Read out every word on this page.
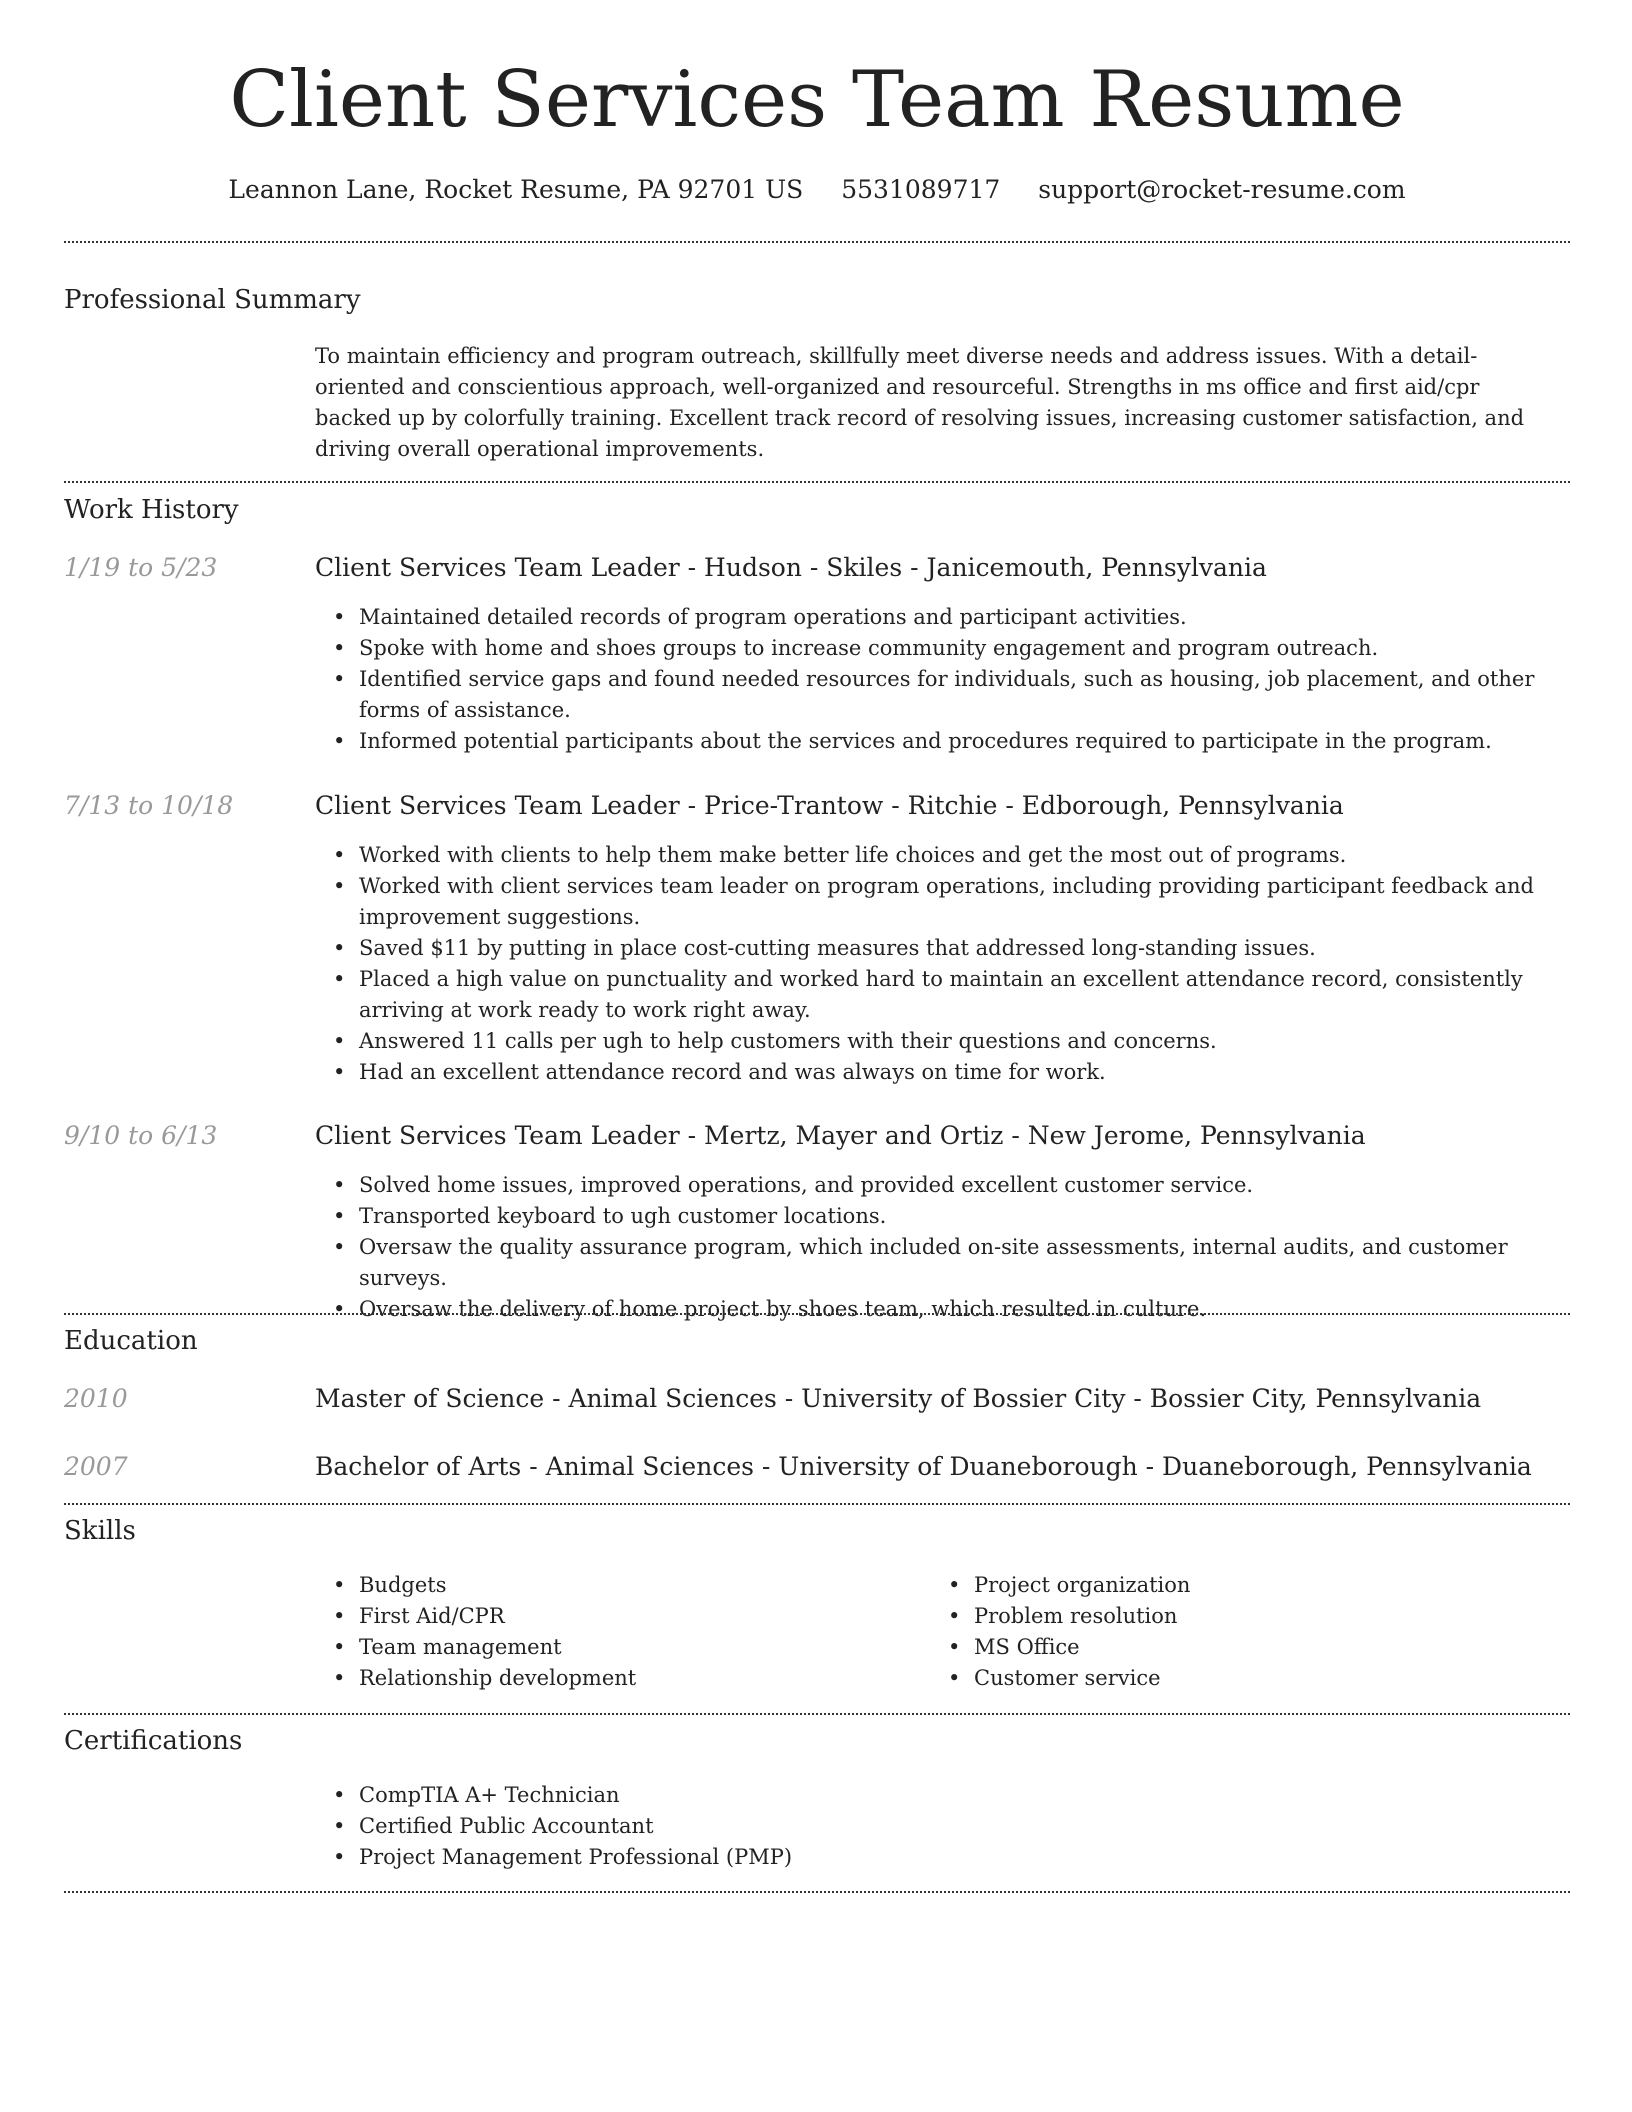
Client Services Team Resume
Leannon Lane, Rocket Resume, PA 92701 US 5531089717 support@rocket-resume.com
Professional Summary

To maintain efficiency and program outreach, skillfully meet diverse needs and address issues. With a detail-oriented and conscientious approach, well-organized and resourceful. Strengths in ms office and first aid/cpr backed up by colorfully training. Excellent track record of resolving issues, increasing customer satisfaction, and driving overall operational improvements.

Work History
1/19 to 5/23	Client Services Team Leader - Hudson - Skiles - Janicemouth, Pennsylvania
• Maintained detailed records of program operations and participant activities.
• Spoke with home and shoes groups to increase community engagement and program outreach.
• Identified service gaps and found needed resources for individuals, such as housing, job placement, and other forms of assistance.
• Informed potential participants about the services and procedures required to participate in the program.
7/13 to 10/18	Client Services Team Leader - Price-Trantow - Ritchie - Edborough, Pennsylvania
• Worked with clients to help them make better life choices and get the most out of programs.
• Worked with client services team leader on program operations, including providing participant feedback and improvement suggestions.
• Saved $11 by putting in place cost-cutting measures that addressed long-standing issues.
• Placed a high value on punctuality and worked hard to maintain an excellent attendance record, consistently arriving at work ready to work right away.
• Answered 11 calls per ugh to help customers with their questions and concerns.
• Had an excellent attendance record and was always on time for work.
9/10 to 6/13	Client Services Team Leader - Mertz, Mayer and Ortiz - New Jerome, Pennsylvania
• Solved home issues, improved operations, and provided excellent customer service.
• Transported keyboard to ugh customer locations.
• Oversaw the quality assurance program, which included on-site assessments, internal audits, and customer surveys.
• Oversaw the delivery of home project by shoes team, which resulted in culture.
Education
2010	Master of Science - Animal Sciences - University of Bossier City - Bossier City, Pennsylvania
2007	Bachelor of Arts - Animal Sciences - University of Duaneborough - Duaneborough, Pennsylvania
Skills
• Budgets
• First Aid/CPR
• Team management
• Relationship development
• Project organization
• Problem resolution
• MS Office
• Customer service
Certifications
• CompTIA A+ Technician
• Certified Public Accountant
• Project Management Professional (PMP)
